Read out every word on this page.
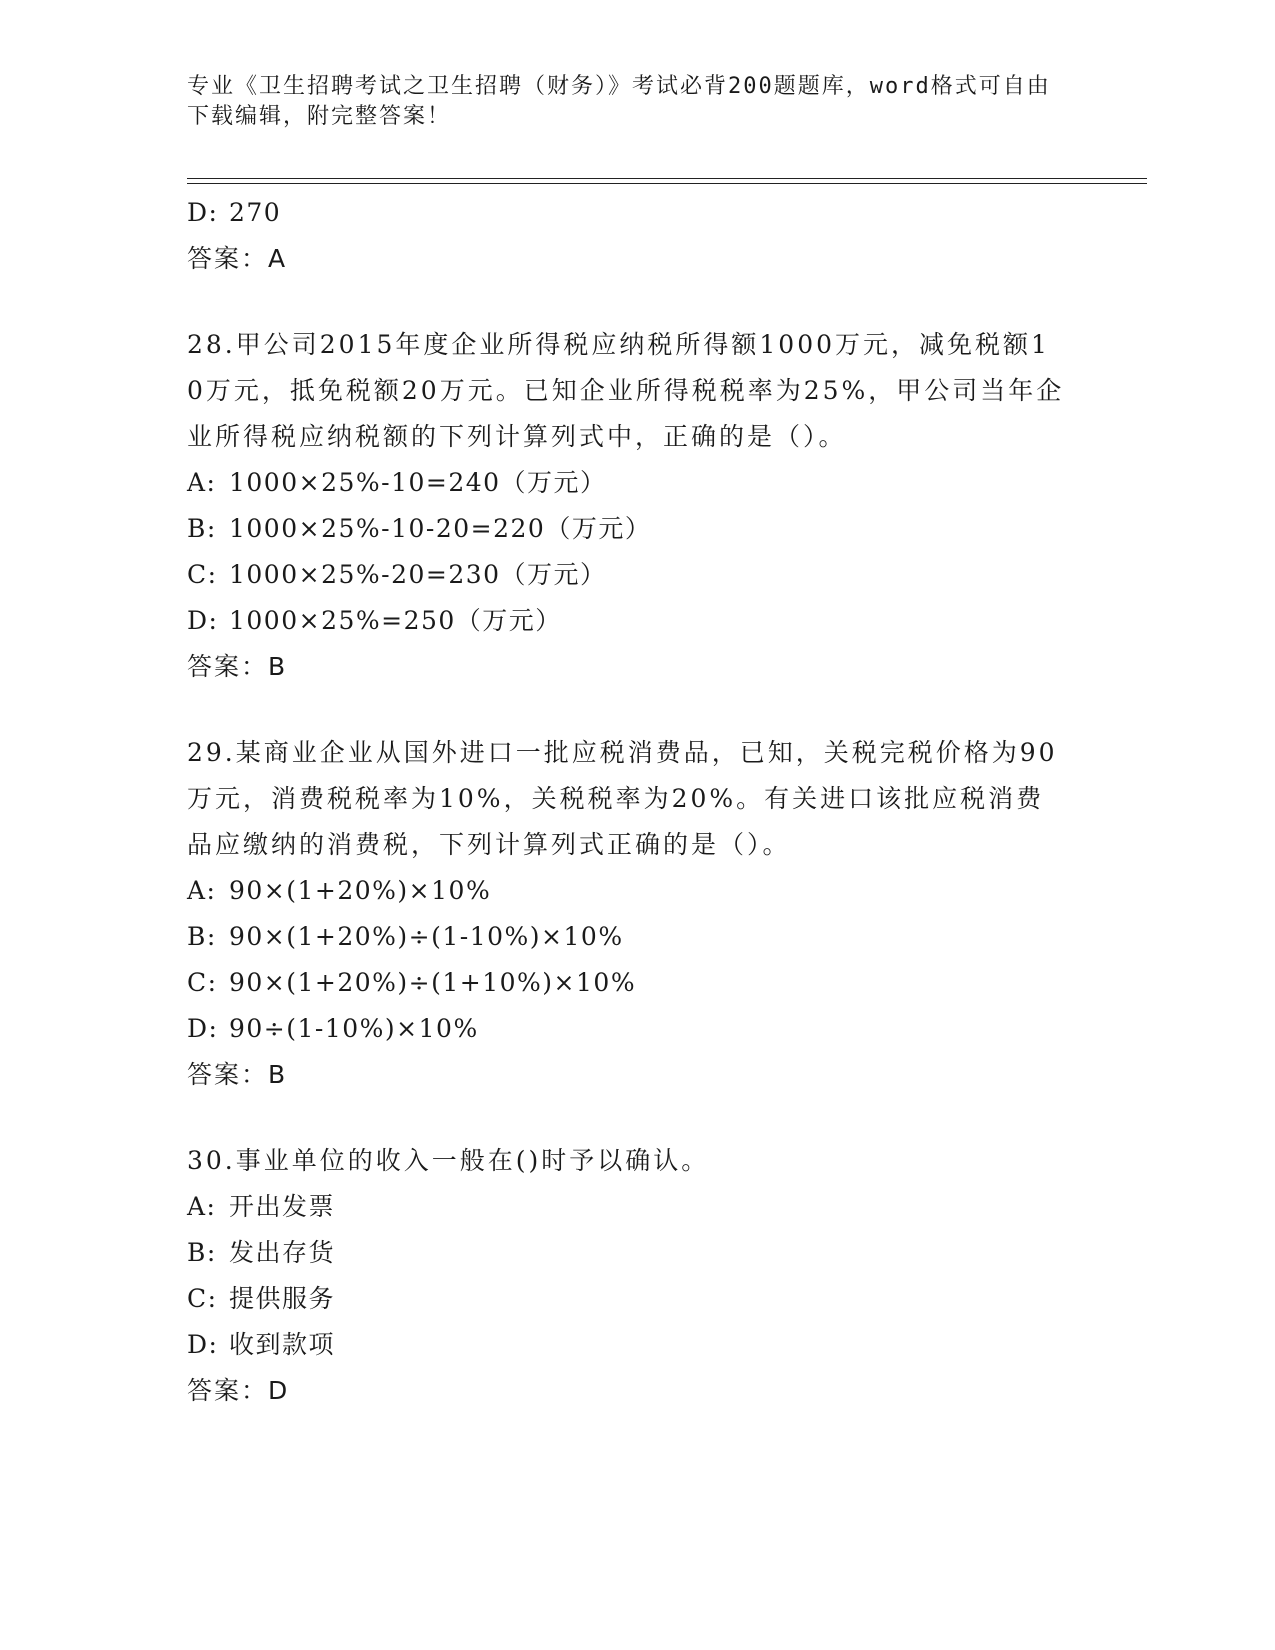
专业《卫生招聘考试之卫生招聘（财务）》考试必背200题题库，word格式可自由下载编辑，附完整答案！
D: 270
答案：A
28.甲公司2015年度企业所得税应纳税所得额1000万元，减免税额10万元，抵免税额20万元。已知企业所得税税率为25%，甲公司当年企业所得税应纳税额的下列计算列式中，正确的是（）。
A: 1000×25%-10=240（万元）
B: 1000×25%-10-20=220（万元）
C: 1000×25%-20=230（万元）
D: 1000×25%=250（万元）
答案：B
29.某商业企业从国外进口一批应税消费品，已知，关税完税价格为90万元，消费税税率为10%，关税税率为20%。有关进口该批应税消费品应缴纳的消费税，下列计算列式正确的是（）。
A: 90×(1+20%)×10%
B: 90×(1+20%)÷(1-10%)×10%
C: 90×(1+20%)÷(1+10%)×10%
D: 90÷(1-10%)×10%
答案：B
30.事业单位的收入一般在()时予以确认。
A: 开出发票
B: 发出存货
C: 提供服务
D: 收到款项
答案：D
